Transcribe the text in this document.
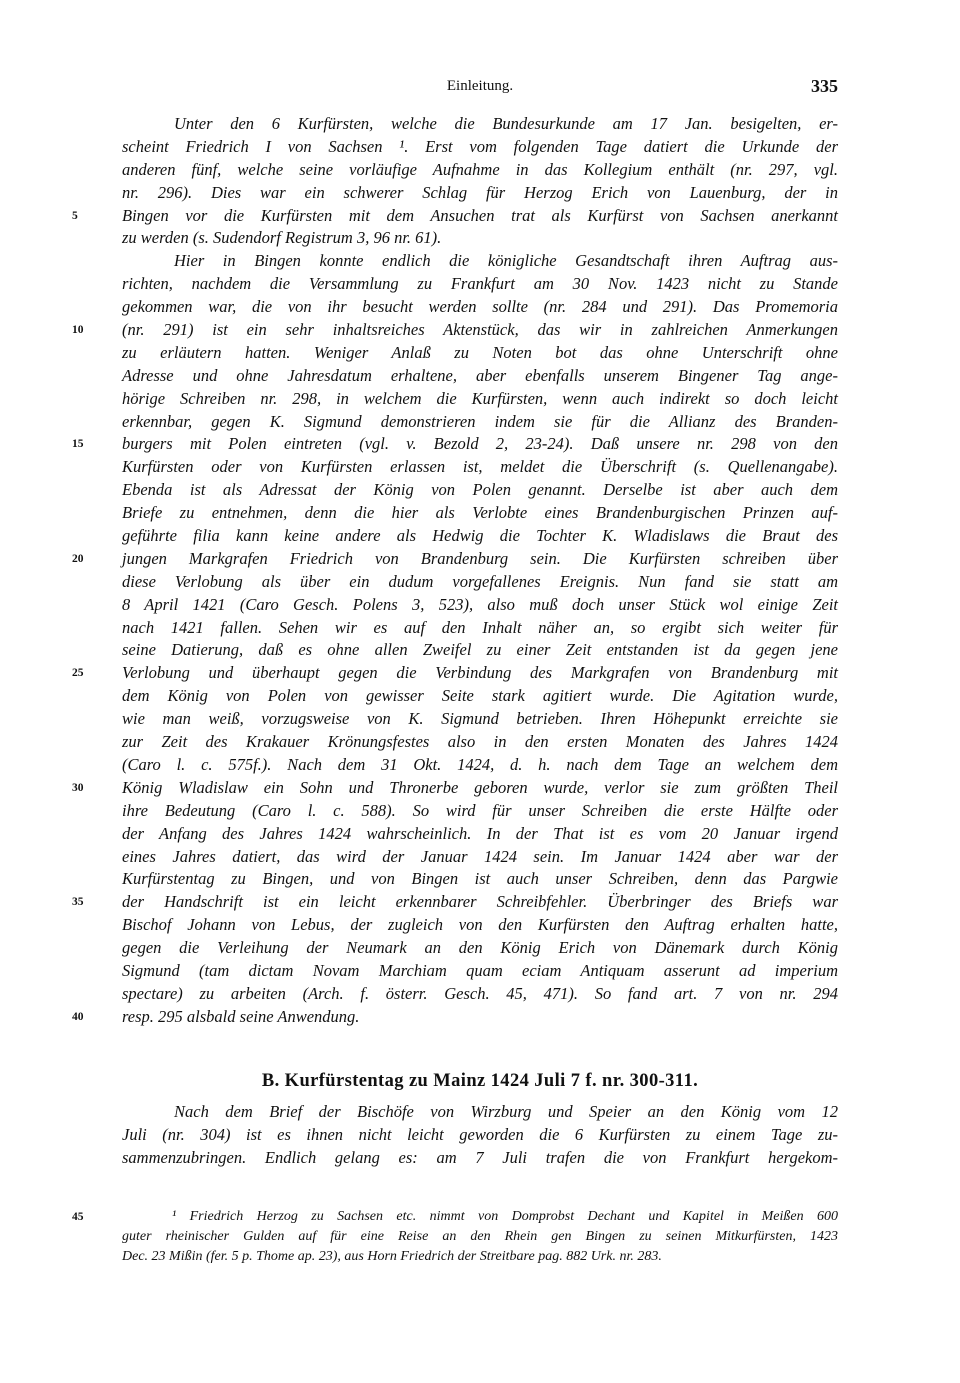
Einleitung.	335
Unter den 6 Kurfürsten, welche die Bundesurkunde am 17 Jan. besigelten, er-
scheint Friedrich I von Sachsen ¹. Erst vom folgenden Tage datiert die Urkunde der
anderen fünf, welche seine vorläufige Aufnahme in das Kollegium enthält (nr. 297, vgl.
nr. 296). Dies war ein schwerer Schlag für Herzog Erich von Lauenburg, der in
5	Bingen vor die Kurfürsten mit dem Ansuchen trat als Kurfürst von Sachsen anerkannt
zu werden (s. Sudendorf Registrum 3, 96 nr. 61).
Hier in Bingen konnte endlich die königliche Gesandtschaft ihren Auftrag aus-
richten, nachdem die Versammlung zu Frankfurt am 30 Nov. 1423 nicht zu Stande
gekommen war, die von ihr besucht werden sollte (nr. 284 und 291). Das Promemoria
10	(nr. 291) ist ein sehr inhaltsreiches Aktenstück, das wir in zahlreichen Anmerkungen
zu erläutern hatten. Weniger Anlaß zu Noten bot das ohne Unterschrift ohne
Adresse und ohne Jahresdatum erhaltene, aber ebenfalls unserem Bingener Tag ange-
hörige Schreiben nr. 298, in welchem die Kurfürsten, wenn auch indirekt so doch leicht
erkennbar, gegen K. Sigmund demonstrieren indem sie für die Allianz des Branden-
15	burgers mit Polen eintreten (vgl. v. Bezold 2, 23-24). Daß unsere nr. 298 von den
Kurfürsten oder von Kurfürsten erlassen ist, meldet die Überschrift (s. Quellenangabe).
Ebenda ist als Adressat der König von Polen genannt. Derselbe ist aber auch dem
Briefe zu entnehmen, denn die hier als Verlobte eines Brandenburgischen Prinzen auf-
geführte filia kann keine andere als Hedwig die Tochter K. Wladislaws die Braut des
20	jungen Markgrafen Friedrich von Brandenburg sein. Die Kurfürsten schreiben über
diese Verlobung als über ein dudum vorgefallenes Ereignis. Nun fand sie statt am
8 April 1421 (Caro Gesch. Polens 3, 523), also muß doch unser Stück wol einige Zeit
nach 1421 fallen. Sehen wir es auf den Inhalt näher an, so ergibt sich weiter für
seine Datierung, daß es ohne allen Zweifel zu einer Zeit entstanden ist da gegen jene
25	Verlobung und überhaupt gegen die Verbindung des Markgrafen von Brandenburg mit
dem König von Polen von gewisser Seite stark agitiert wurde. Die Agitation wurde,
wie man weiß, vorzugsweise von K. Sigmund betrieben. Ihren Höhepunkt erreichte sie
zur Zeit des Krakauer Krönungsfestes also in den ersten Monaten des Jahres 1424
(Caro l. c. 575f.). Nach dem 31 Okt. 1424, d. h. nach dem Tage an welchem dem
30	König Wladislaw ein Sohn und Thronerbe geboren wurde, verlor sie zum größten Theil
ihre Bedeutung (Caro l. c. 588). So wird für unser Schreiben die erste Hälfte oder
der Anfang des Jahres 1424 wahrscheinlich. In der That ist es vom 20 Januar irgend
eines Jahres datiert, das wird der Januar 1424 sein. Im Januar 1424 aber war der
Kurfürstentag zu Bingen, und von Bingen ist auch unser Schreiben, denn das Pargwie
35	der Handschrift ist ein leicht erkennbarer Schreibfehler. Überbringer des Briefs war
Bischof Johann von Lebus, der zugleich von den Kurfürsten den Auftrag erhalten hatte,
gegen die Verleihung der Neumark an den König Erich von Dänemark durch König
Sigmund (tam dictam Novam Marchiam quam eciam Antiquam asserunt ad imperium
spectare) zu arbeiten (Arch. f. österr. Gesch. 45, 471). So fand art. 7 von nr. 294
40	resp. 295 alsbald seine Anwendung.
B. Kurfürstentag zu Mainz 1424 Juli 7 f. nr. 300-311.
Nach dem Brief der Bischöfe von Wirzburg und Speier an den König vom 12
Juli (nr. 304) ist es ihnen nicht leicht geworden die 6 Kurfürsten zu einem Tage zu-
sammenzubringen. Endlich gelang es: am 7 Juli trafen die von Frankfurt hergekom-
45	¹ Friedrich Herzog zu Sachsen etc. nimmt von Domprobst Dechant und Kapitel in Meißen 600
guter rheinischer Gulden auf für eine Reise an den Rhein gen Bingen zu seinen Mitkurfürsten, 1423
Dec. 23 Mißin (fer. 5 p. Thome ap. 23), aus Horn Friedrich der Streitbare pag. 882 Urk. nr. 283.
